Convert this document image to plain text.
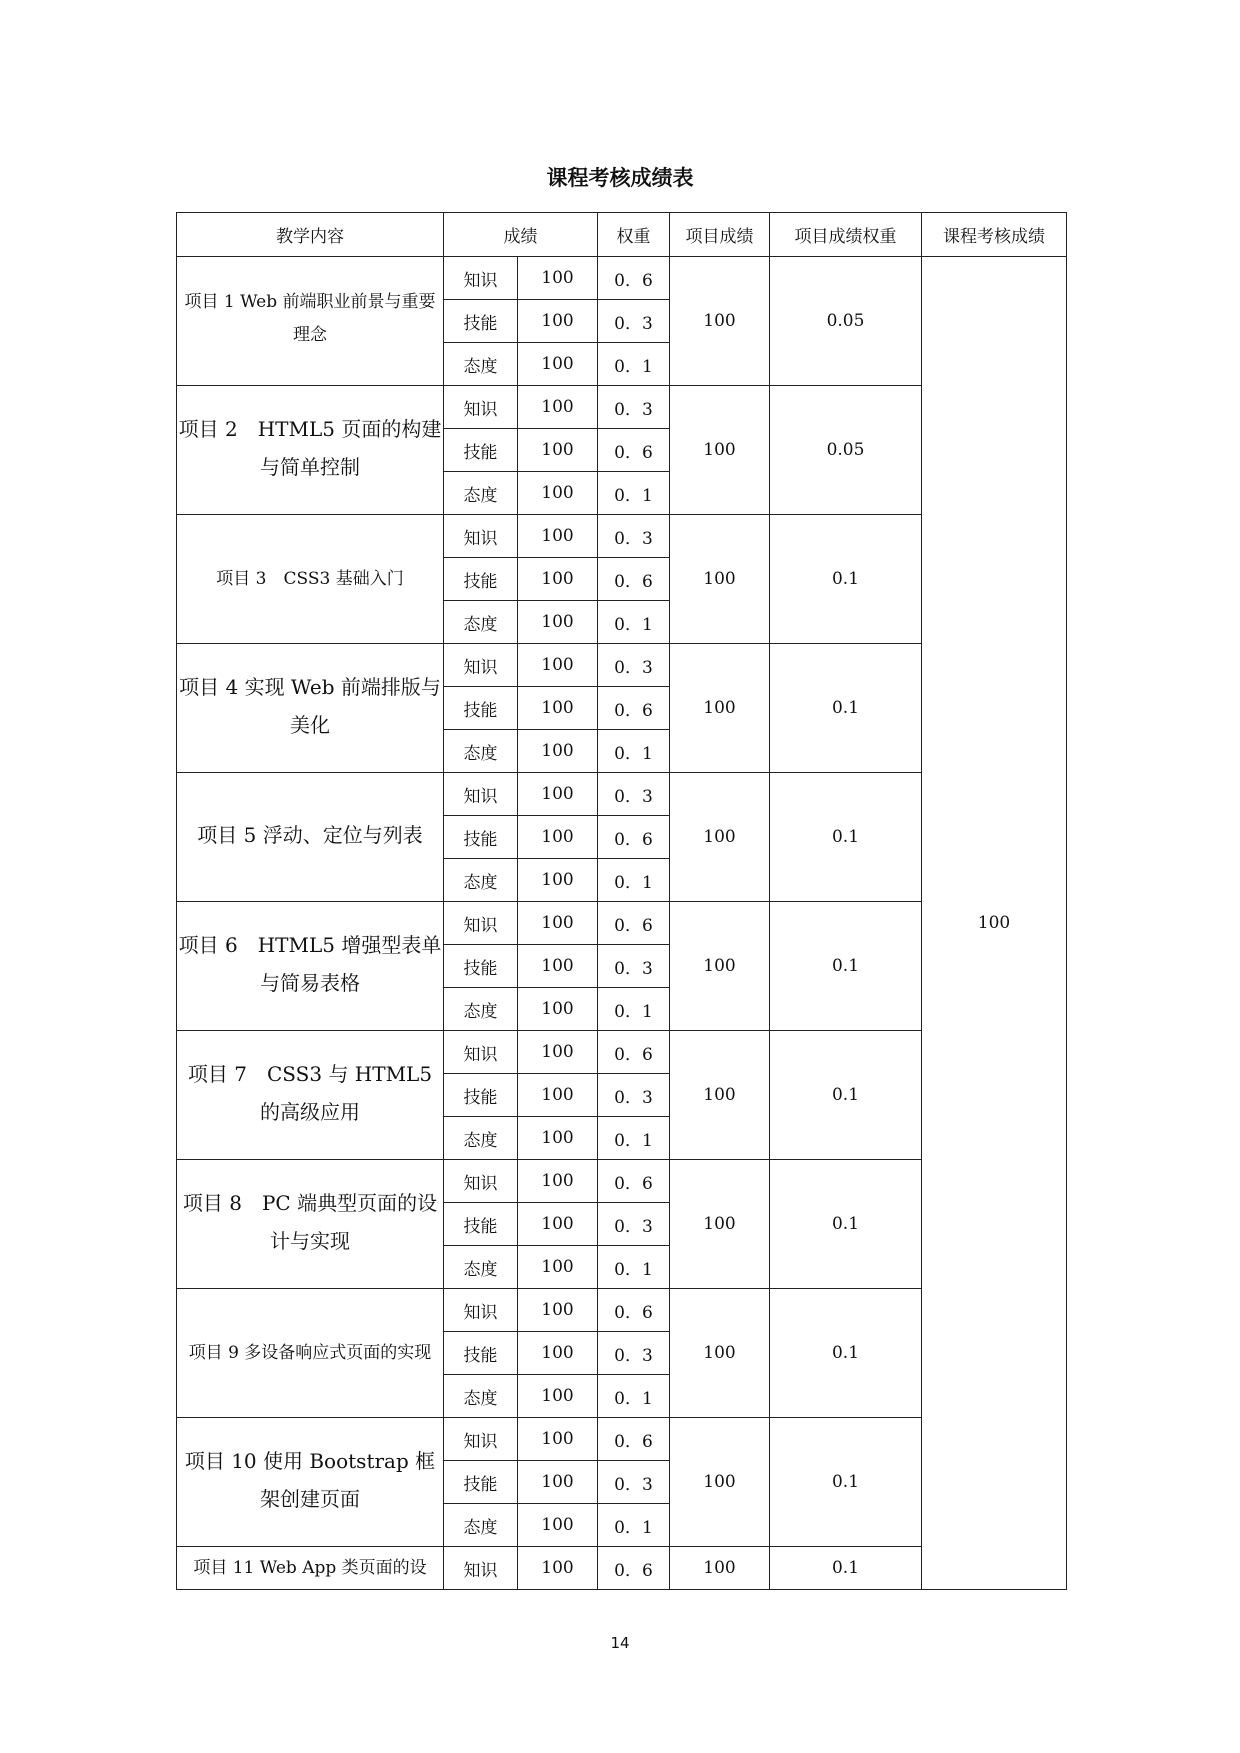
课程考核成绩表
教学内容	成绩		权重	项目成绩	项目成绩权重	课程考核成绩
项目 1 Web 前端职业前景与重要理念	知识	100	0．6	100	0.05	100
	技能	100	0．3			
	态度	100	0．1			
项目 2　HTML5 页面的构建与简单控制	知识	100	0．3	100	0.05	
	技能	100	0．6			
	态度	100	0．1			
项目 3　CSS3 基础入门	知识	100	0．3	100	0.1	
	技能	100	0．6			
	态度	100	0．1			
项目 4 实现 Web 前端排版与美化	知识	100	0．3	100	0.1	
	技能	100	0．6			
	态度	100	0．1			
项目 5 浮动、定位与列表	知识	100	0．3	100	0.1	
	技能	100	0．6			
	态度	100	0．1			
项目 6　HTML5 增强型表单与简易表格	知识	100	0．6	100	0.1	
	技能	100	0．3			
	态度	100	0．1			
项目 7　CSS3 与 HTML5 的高级应用	知识	100	0．6	100	0.1	
	技能	100	0．3			
	态度	100	0．1			
项目 8　PC 端典型页面的设计与实现	知识	100	0．6	100	0.1	
	技能	100	0．3			
	态度	100	0．1			
项目 9 多设备响应式页面的实现	知识	100	0．6	100	0.1	
	技能	100	0．3			
	态度	100	0．1			
项目 10 使用 Bootstrap 框架创建页面	知识	100	0．6	100	0.1	
	技能	100	0．3			
	态度	100	0．1			
项目 11 Web App 类页面的设	知识	100	0．6	100	0.1	
14
